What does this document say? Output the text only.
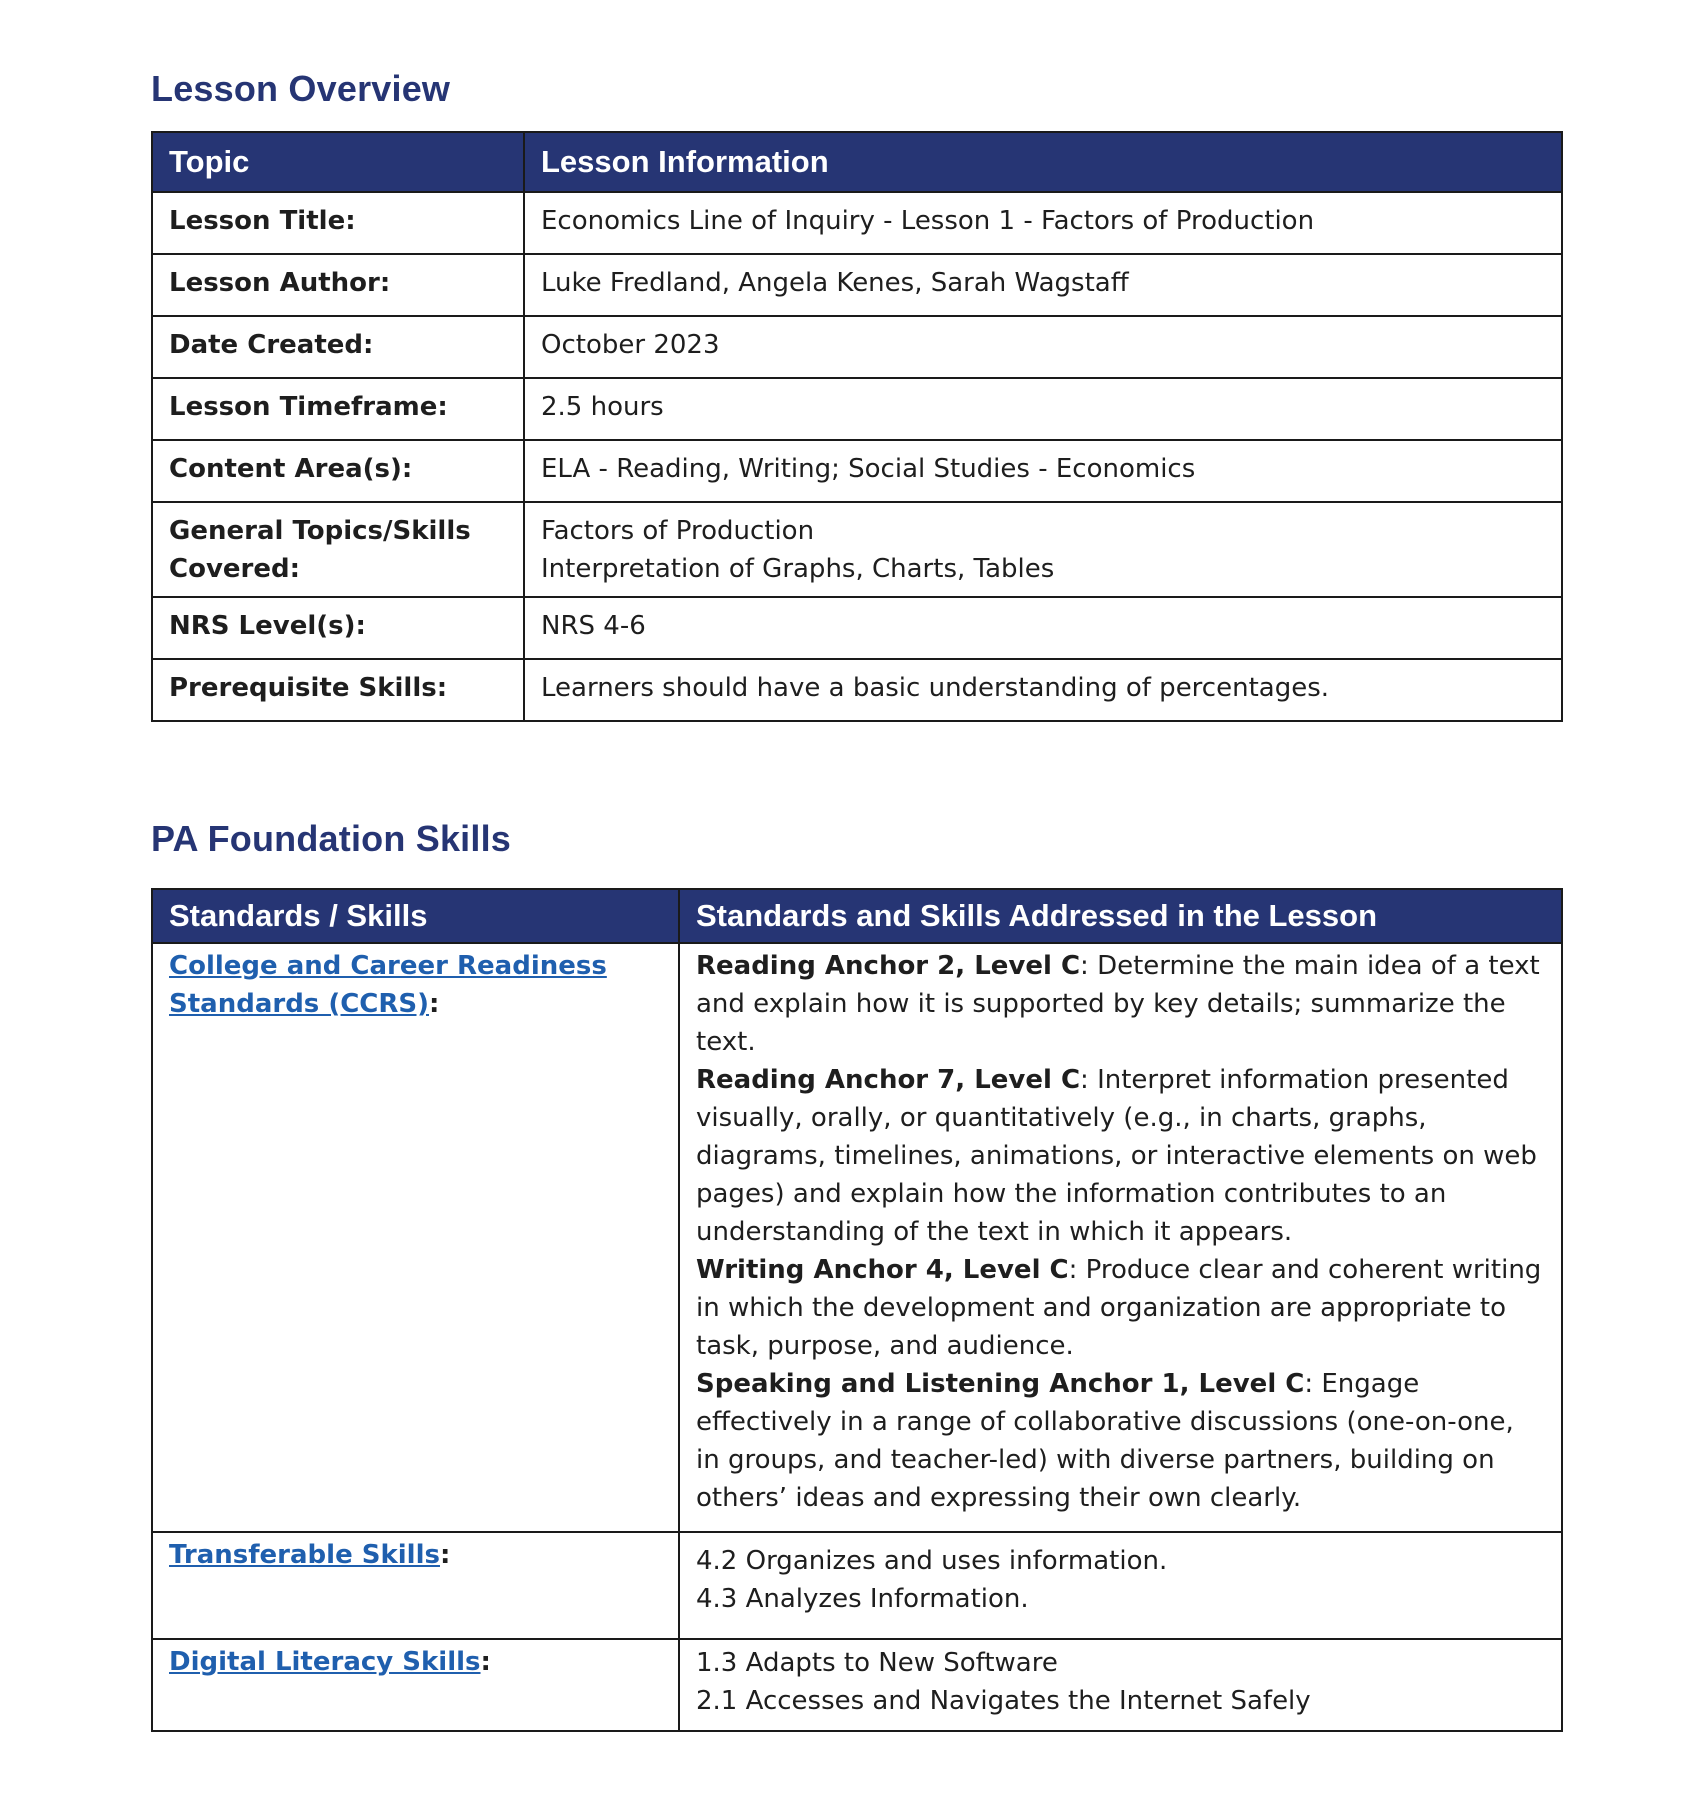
Lesson Overview
Topic	Lesson Information
Lesson Title:	Economics Line of Inquiry - Lesson 1 - Factors of Production

Lesson Author:	Luke Fredland, Angela Kenes, Sarah Wagstaff

Date Created:	October 2023

Lesson Timeframe:	2.5 hours

Content Area(s):	ELA - Reading, Writing; Social Studies - Economics

General Topics/Skills Covered:	Factors of Production
Interpretation of Graphs, Charts, Tables

NRS Level(s):	NRS 4-6

Prerequisite Skills:	Learners should have a basic understanding of percentages.
PA Foundation Skills
Standards / Skills	Standards and Skills Addressed in the Lesson
College and Career Readiness Standards (CCRS):	Reading Anchor 2, Level C: Determine the main idea of a text and explain how it is supported by key details; summarize the text.
Reading Anchor 7, Level C: Interpret information presented visually, orally, or quantitatively (e.g., in charts, graphs, diagrams, timelines, animations, or interactive elements on web pages) and explain how the information contributes to an understanding of the text in which it appears.
Writing Anchor 4, Level C: Produce clear and coherent writing in which the development and organization are appropriate to task, purpose, and audience.
Speaking and Listening Anchor 1, Level C: Engage effectively in a range of collaborative discussions (one-on-one, in groups, and teacher-led) with diverse partners, building on others’ ideas and expressing their own clearly.

Transferable Skills:	4.2 Organizes and uses information.
4.3 Analyzes Information.

Digital Literacy Skills:	1.3 Adapts to New Software
2.1 Accesses and Navigates the Internet Safely
